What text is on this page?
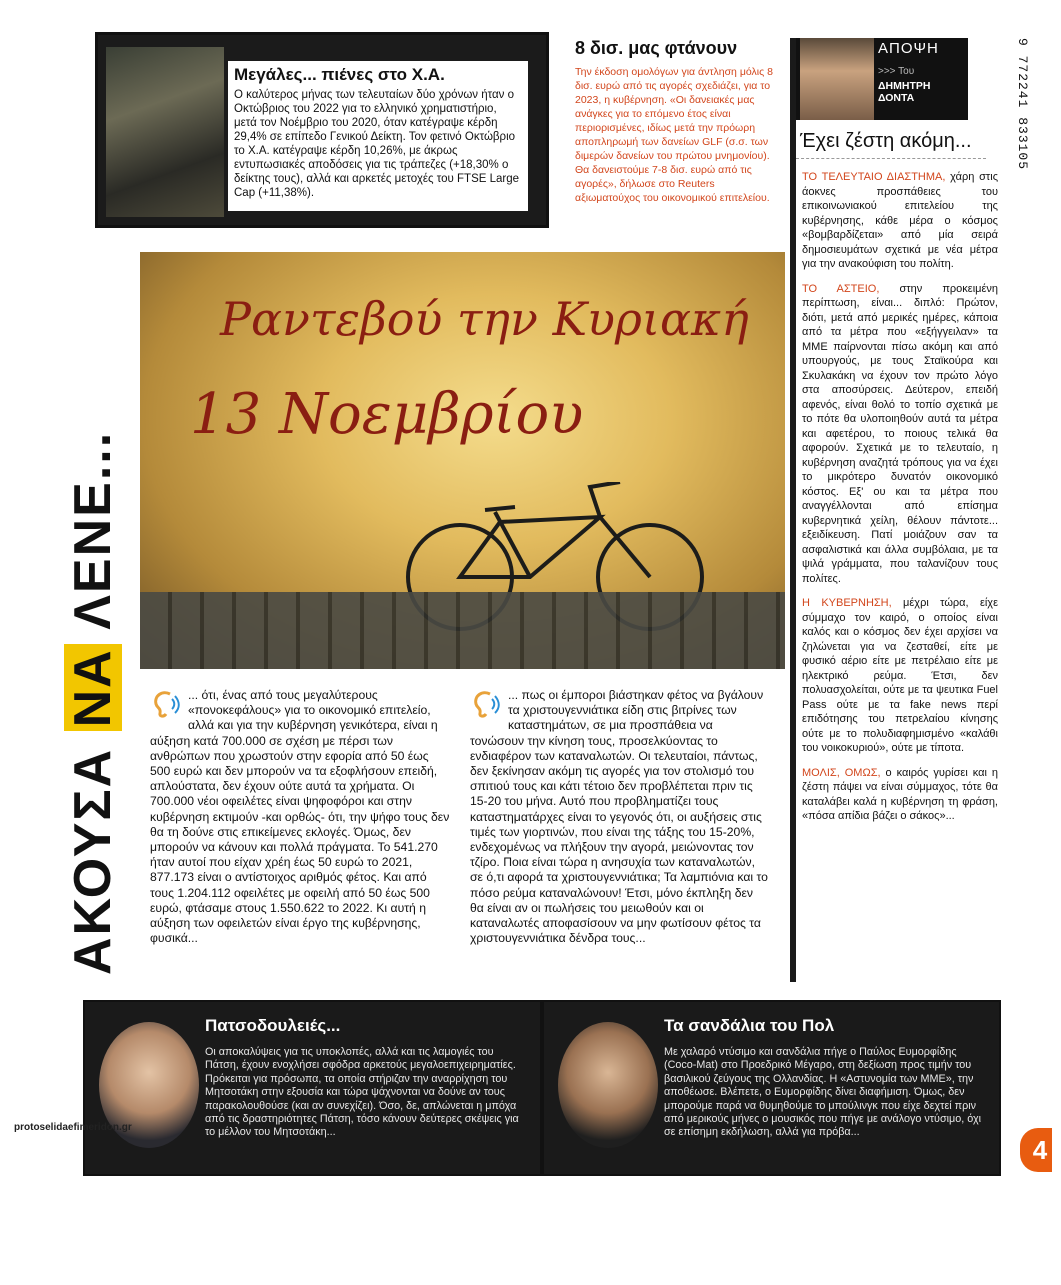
Μεγάλες... πιένες στο Χ.Α.

Ο καλύτερος μήνας των τελευταίων δύο χρόνων ήταν ο Οκτώβριος του 2022 για το ελληνικό χρηματιστήριο, μετά τον Νοέμβριο του 2020, όταν κατέγραψε κέρδη 29,4% σε επίπεδο Γενικού Δείκτη. Τον φετινό Οκτώβριο το Χ.Α. κατέγραψε κέρδη 10,26%, με άκρως εντυπωσιακές αποδόσεις για τις τράπεζες (+18,30% ο δείκτης τους), αλλά και αρκετές μετοχές του FTSE Large Cap (+11,38%).

8 δισ. μας φτάνουν

Την έκδοση ομολόγων για άντληση μόλις 8 δισ. ευρώ από τις αγορές σχεδιάζει, για το 2023, η κυβέρνηση. «Οι δανειακές μας ανάγκες για το επόμενο έτος είναι περιορισμένες, ιδίως μετά την πρόωρη αποπληρωμή των δανείων GLF (σ.σ. των διμερών δανείων του πρώτου μνημονίου). Θα δανειστούμε 7-8 δισ. ευρώ από τις αγορές», δήλωσε στο Reuters αξιωματούχος του οικονομικού επιτελείου.

ΑΠΟΨΗ
>>> Του
ΔΗΜΗΤΡΗ
ΔΟΝΤΑ
Έχει ζέστη ακόμη...

ΤΟ ΤΕΛΕΥΤΑΙΟ ΔΙΑΣΤΗΜΑ, χάρη στις άοκνες προσπάθειες του επικοινωνιακού επιτελείου της κυβέρνησης, κάθε μέρα ο κόσμος «βομβαρδίζεται» από μία σειρά δημοσιευμάτων σχετικά με νέα μέτρα για την ανακούφιση του πολίτη.

ΤΟ ΑΣΤΕΙΟ, στην προκειμένη περίπτωση, είναι... διπλό: Πρώτον, διότι, μετά από μερικές ημέρες, κάποια από τα μέτρα που «εξήγγειλαν» τα ΜΜΕ παίρνονται πίσω ακόμη και από υπουργούς, με τους Σταϊκούρα και Σκυλακάκη να έχουν τον πρώτο λόγο στα αποσύρσεις. Δεύτερον, επειδή αφενός, είναι θολό το τοπίο σχετικά με το πότε θα υλοποιηθούν αυτά τα μέτρα και αφετέρου, το ποιους τελικά θα αφορούν. Σχετικά με το τελευταίο, η κυβέρνηση αναζητά τρόπους για να έχει το μικρότερο δυνατόν οικονομικό κόστος. Εξ' ου και τα μέτρα που αναγγέλλονται από επίσημα κυβερνητικά χείλη, θέλουν πάντοτε... εξειδίκευση. Πατί μοιάζουν σαν τα ασφαλιστικά και άλλα συμβόλαια, με τα ψιλά γράμματα, που ταλανίζουν τους πολίτες.

Η ΚΥΒΕΡΝΗΣΗ, μέχρι τώρα, είχε σύμμαχο τον καιρό, ο οποίος είναι καλός και ο κόσμος δεν έχει αρχίσει να ζηλώνεται για να ζεσταθεί, είτε με φυσικό αέριο είτε με πετρέλαιο είτε με ηλεκτρικό ρεύμα. Έτσι, δεν πολυασχολείται, ούτε με τα ψευτικα Fuel Pass ούτε με τα fake news περί επιδότησης του πετρελαίου κίνησης ούτε με το πολυδιαφημισμένο «καλάθι του νοικοκυριού», ούτε με τίποτα.

ΜΟΛΙΣ, ΟΜΩΣ, ο καιρός γυρίσει και η ζέστη πάψει να είναι σύμμαχος, τότε θα καταλάβει καλά η κυβέρνηση τη φράση, «πόσα απίδια βάζει ο σάκος»...

9 772241 833105
Ραντεβού την Κυριακή
13 Νοεμβρίου
ΑΚΟΥΣΑ ΝΑ ΛΕΝΕ...

... ότι, ένας από τους μεγαλύτερους «πονοκεφάλους» για το οικονομικό επιτελείο, αλλά και για την κυβέρνηση γενικότερα, είναι η αύξηση κατά 700.000 σε σχέση με πέρσι των ανθρώπων που χρωστούν στην εφορία από 50 έως 500 ευρώ και δεν μπορούν να τα εξοφλήσουν επειδή, απλούστατα, δεν έχουν ούτε αυτά τα χρήματα. Οι 700.000 νέοι οφειλέτες είναι ψηφοφόροι και στην κυβέρνηση εκτιμούν -και ορθώς- ότι, την ψήφο τους δεν θα τη δούνε στις επικείμενες εκλογές. Όμως, δεν μπορούν να κάνουν και πολλά πράγματα. Το 541.270 ήταν αυτοί που είχαν χρέη έως 50 ευρώ το 2021, 877.173 είναι ο αντίστοιχος αριθμός φέτος. Και από τους 1.204.112 οφειλέτες με οφειλή από 50 έως 500 ευρώ, φτάσαμε στους 1.550.622 το 2022. Κι αυτή η αύξηση των οφειλετών είναι έργο της κυβέρνησης, φυσικά...

... πως οι έμποροι βιάστηκαν φέτος να βγάλουν τα χριστουγεννιάτικα είδη στις βιτρίνες των καταστημάτων, σε μια προσπάθεια να τονώσουν την κίνηση τους, προσελκύοντας το ενδιαφέρον των καταναλωτών. Οι τελευταίοι, πάντως, δεν ξεκίνησαν ακόμη τις αγορές για τον στολισμό του σπιτιού τους και κάτι τέτοιο δεν προβλέπεται πριν τις 15-20 του μήνα. Αυτό που προβληματίζει τους καταστηματάρχες είναι το γεγονός ότι, οι αυξήσεις στις τιμές των γιορτινών, που είναι της τάξης του 15-20%, ενδεχομένως να πλήξουν την αγορά, μειώνοντας τον τζίρο. Ποια είναι τώρα η ανησυχία των καταναλωτών, σε ό,τι αφορά τα χριστουγεννιάτικα; Τα λαμπιόνια και το πόσο ρεύμα καταναλώνουν! Έτσι, μόνο έκπληξη δεν θα είναι αν οι πωλήσεις του μειωθούν και οι καταναλωτές αποφασίσουν να μην φωτίσουν φέτος τα χριστουγεννιάτικα δένδρα τους...

Πατσοδουλειές...

Οι αποκαλύψεις για τις υποκλοπές, αλλά και τις λαμογιές του Πάτση, έχουν ενοχλήσει σφόδρα αρκετούς μεγαλοεπιχειρηματίες. Πρόκειται για πρόσωπα, τα οποία στήριζαν την αναρρίχηση του Μητσοτάκη στην εξουσία και τώρα ψάχνονται να δούνε αν τους παρακολουθούσε (και αν συνεχίζει). Όσο, δε, απλώνεται η μπόχα από τις δραστηριότητες Πάτση, τόσο κάνουν δεύτερες σκέψεις για το μέλλον του Μητσοτάκη...

Τα σανδάλια του Πολ

Με χαλαρό ντύσιμο και σανδάλια πήγε ο Παύλος Ευμορφίδης (Coco-Mat) στο Προεδρικό Μέγαρο, στη δεξίωση προς τιμήν του βασιλικού ζεύγους της Ολλανδίας. Η «Αστυνομία των ΜΜΕ», την αποθέωσε. Βλέπετε, ο Ευμορφίδης δίνει διαφήμιση. Όμως, δεν μπορούμε παρά να θυμηθούμε το μπούλινγκ που είχε δεχτεί πριν από μερικούς μήνες ο μουσικός που πήγε με ανάλογο ντύσιμο, όχι σε επίσημη εκδήλωση, αλλά για πρόβα...

protoselidaefimeridon.gr
4
